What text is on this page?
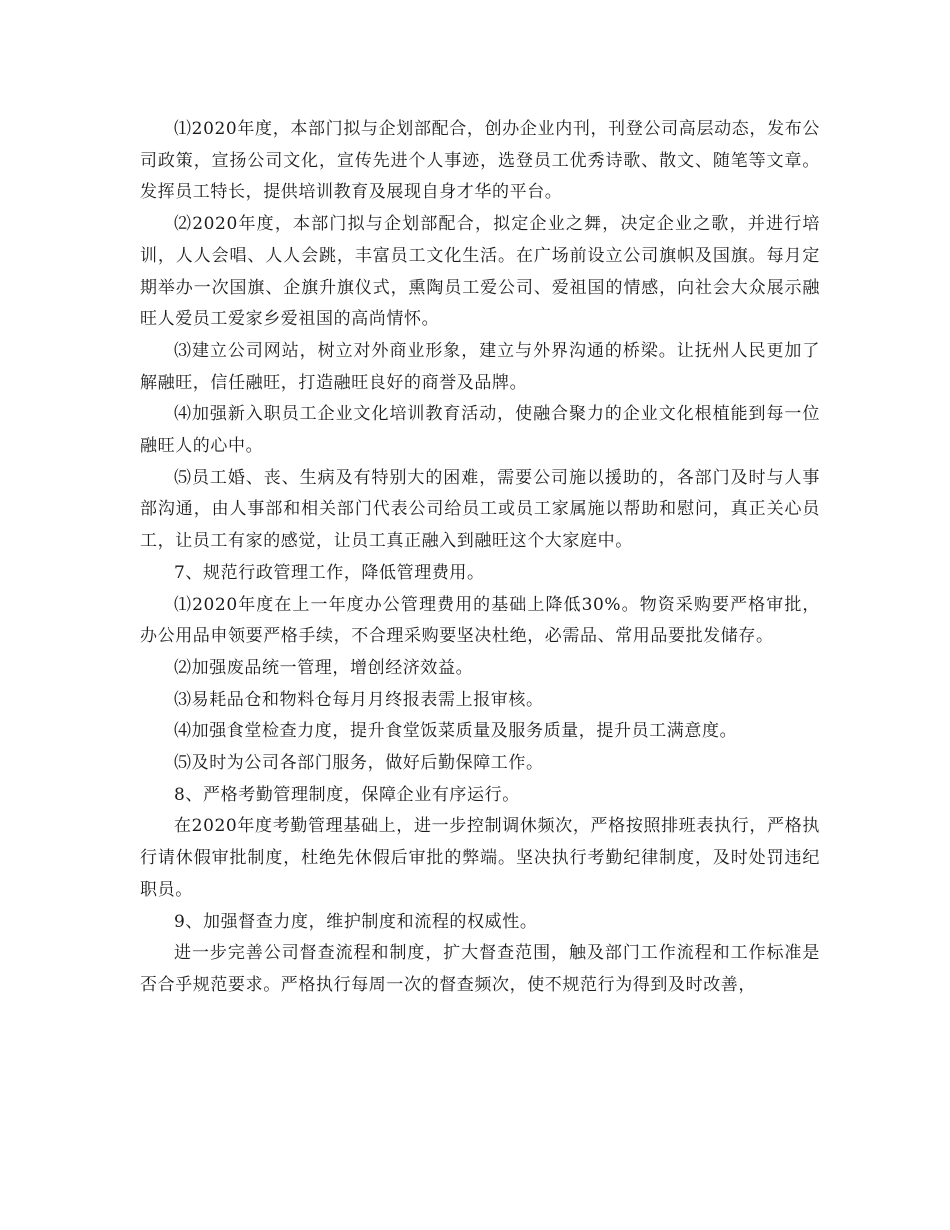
⑴2020年度，本部门拟与企划部配合，创办企业内刊，刊登公司高层动态，发布公司政策，宣扬公司文化，宣传先进个人事迹，选登员工优秀诗歌、散文、随笔等文章。发挥员工特长，提供培训教育及展现自身才华的平台。

⑵2020年度，本部门拟与企划部配合，拟定企业之舞，决定企业之歌，并进行培训，人人会唱、人人会跳，丰富员工文化生活。在广场前设立公司旗帜及国旗。每月定期举办一次国旗、企旗升旗仪式，熏陶员工爱公司、爱祖国的情感，向社会大众展示融旺人爱员工爱家乡爱祖国的高尚情怀。

⑶建立公司网站，树立对外商业形象，建立与外界沟通的桥梁。让抚州人民更加了解融旺，信任融旺，打造融旺良好的商誉及品牌。

⑷加强新入职员工企业文化培训教育活动，使融合聚力的企业文化根植能到每一位融旺人的心中。

⑸员工婚、丧、生病及有特别大的困难，需要公司施以援助的，各部门及时与人事部沟通，由人事部和相关部门代表公司给员工或员工家属施以帮助和慰问，真正关心员工，让员工有家的感觉，让员工真正融入到融旺这个大家庭中。

7、规范行政管理工作，降低管理费用。

⑴2020年度在上一年度办公管理费用的基础上降低30%。物资采购要严格审批，办公用品申领要严格手续，不合理采购要坚决杜绝，必需品、常用品要批发储存。

⑵加强废品统一管理，增创经济效益。

⑶易耗品仓和物料仓每月月终报表需上报审核。

⑷加强食堂检查力度，提升食堂饭菜质量及服务质量，提升员工满意度。

⑸及时为公司各部门服务，做好后勤保障工作。

8、严格考勤管理制度，保障企业有序运行。

在2020年度考勤管理基础上，进一步控制调休频次，严格按照排班表执行，严格执行请休假审批制度，杜绝先休假后审批的弊端。坚决执行考勤纪律制度，及时处罚违纪职员。

9、加强督查力度，维护制度和流程的权威性。

进一步完善公司督查流程和制度，扩大督查范围，触及部门工作流程和工作标准是否合乎规范要求。严格执行每周一次的督查频次，使不规范行为得到及时改善，
